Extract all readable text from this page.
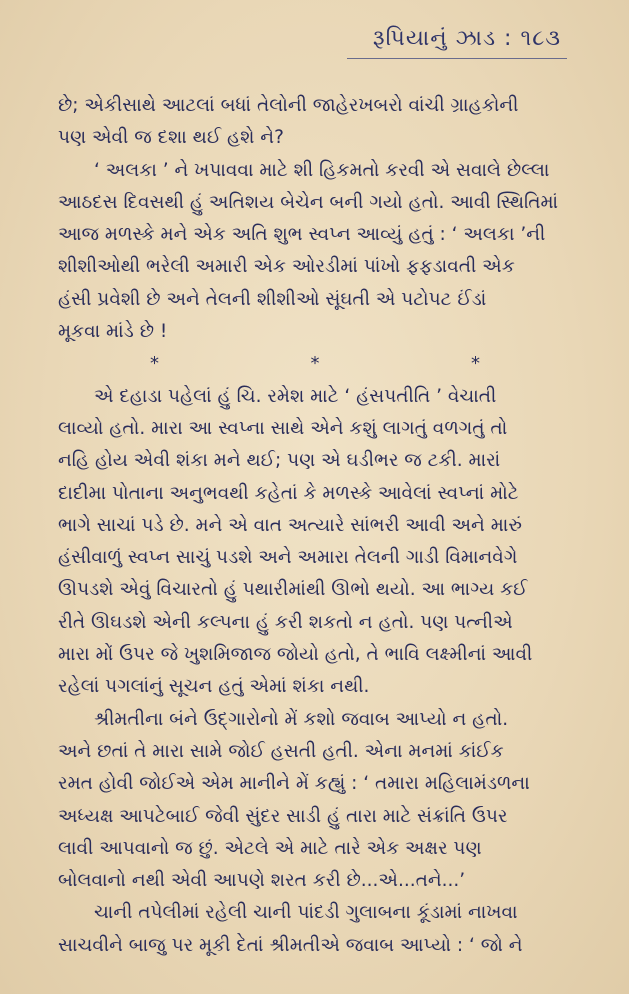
રૂપિયાનું ઝાડ : ૧૮૩
છે; એકીસાથે આટલાં બધાં તેલોની જાહેરખબરો વાંચી ગ્રાહકોની
પણ એવી જ દશા થઈ હશે ને?
‘ અલકા ’ ને ખપાવવા માટે શી હિકમતો કરવી એ સવાલે છેલ્લા
આઠદસ દિવસથી હું અતિશય બેચેન બની ગયો હતો. આવી સ્થિતિમાં
આજ મળસ્કે મને એક અતિ શુભ સ્વપ્ન આવ્યું હતું : ‘ અલકા ’ની
શીશીઓથી ભરેલી અમારી એક ઓરડીમાં પાંખો ફફડાવતી એક
હંસી પ્રવેશી છે અને તેલની શીશીઓ સૂંઘતી એ પટોપટ ઈંડાં
મૂકવા માંડે છે !
*	*	*
એ દહાડા પહેલાં હું ચિ. રમેશ માટે ‘ હંસપતીતિ ’ વેચાતી
લાવ્યો હતો. મારા આ સ્વપ્ના સાથે એને કશું લાગતું વળગતું તો
નહિ હોય એવી શંકા મને થઈ; પણ એ ઘડીભર જ ટકી. મારાં
દાદીમા પોતાના અનુભવથી કહેતાં કે મળસ્કે આવેલાં સ્વપ્નાં મોટે
ભાગે સાચાં પડે છે. મને એ વાત અત્યારે સાંભરી આવી અને મારું
હંસીવાળું સ્વપ્ન સાચું પડશે અને અમારા તેલની ગાડી વિમાનવેગે
ઊપડશે એવું વિચારતો હું પથારીમાંથી ઊભો થયો. આ ભાગ્ય કઈ
રીતે ઊઘડશે એની કલ્પના હું કરી શકતો ન હતો. પણ પત્નીએ
મારા મોં ઉપર જે ખુશમિજાજ જોયો હતો, તે ભાવિ લક્ષ્મીનાં આવી
રહેલાં પગલાંનું સૂચન હતું એમાં શંકા નથી.
શ્રીમતીના બંને ઉદ્ગારોનો મેં કશો જવાબ આપ્યો ન હતો.
અને છતાં તે મારા સામે જોઈ હસતી હતી. એના મનમાં કાંઈક
રમત હોવી જોઈએ એમ માનીને મેં કહ્યું : ‘ તમારા મહિલામંડળના
અધ્યક્ષ આપટેબાઈ જેવી સુંદર સાડી હું તારા માટે સંક્રાંતિ ઉપર
લાવી આપવાનો જ છું. એટલે એ માટે તારે એક અક્ષર પણ
બોલવાનો નથી એવી આપણે શરત કરી છે...એ...તને...’
ચાની તપેલીમાં રહેલી ચાની પાંદડી ગુલાબના કૂંડામાં નાખવા
સાચવીને બાજુ પર મૂકી દેતાં શ્રીમતીએ જવાબ આપ્યો : ‘ જો ને
